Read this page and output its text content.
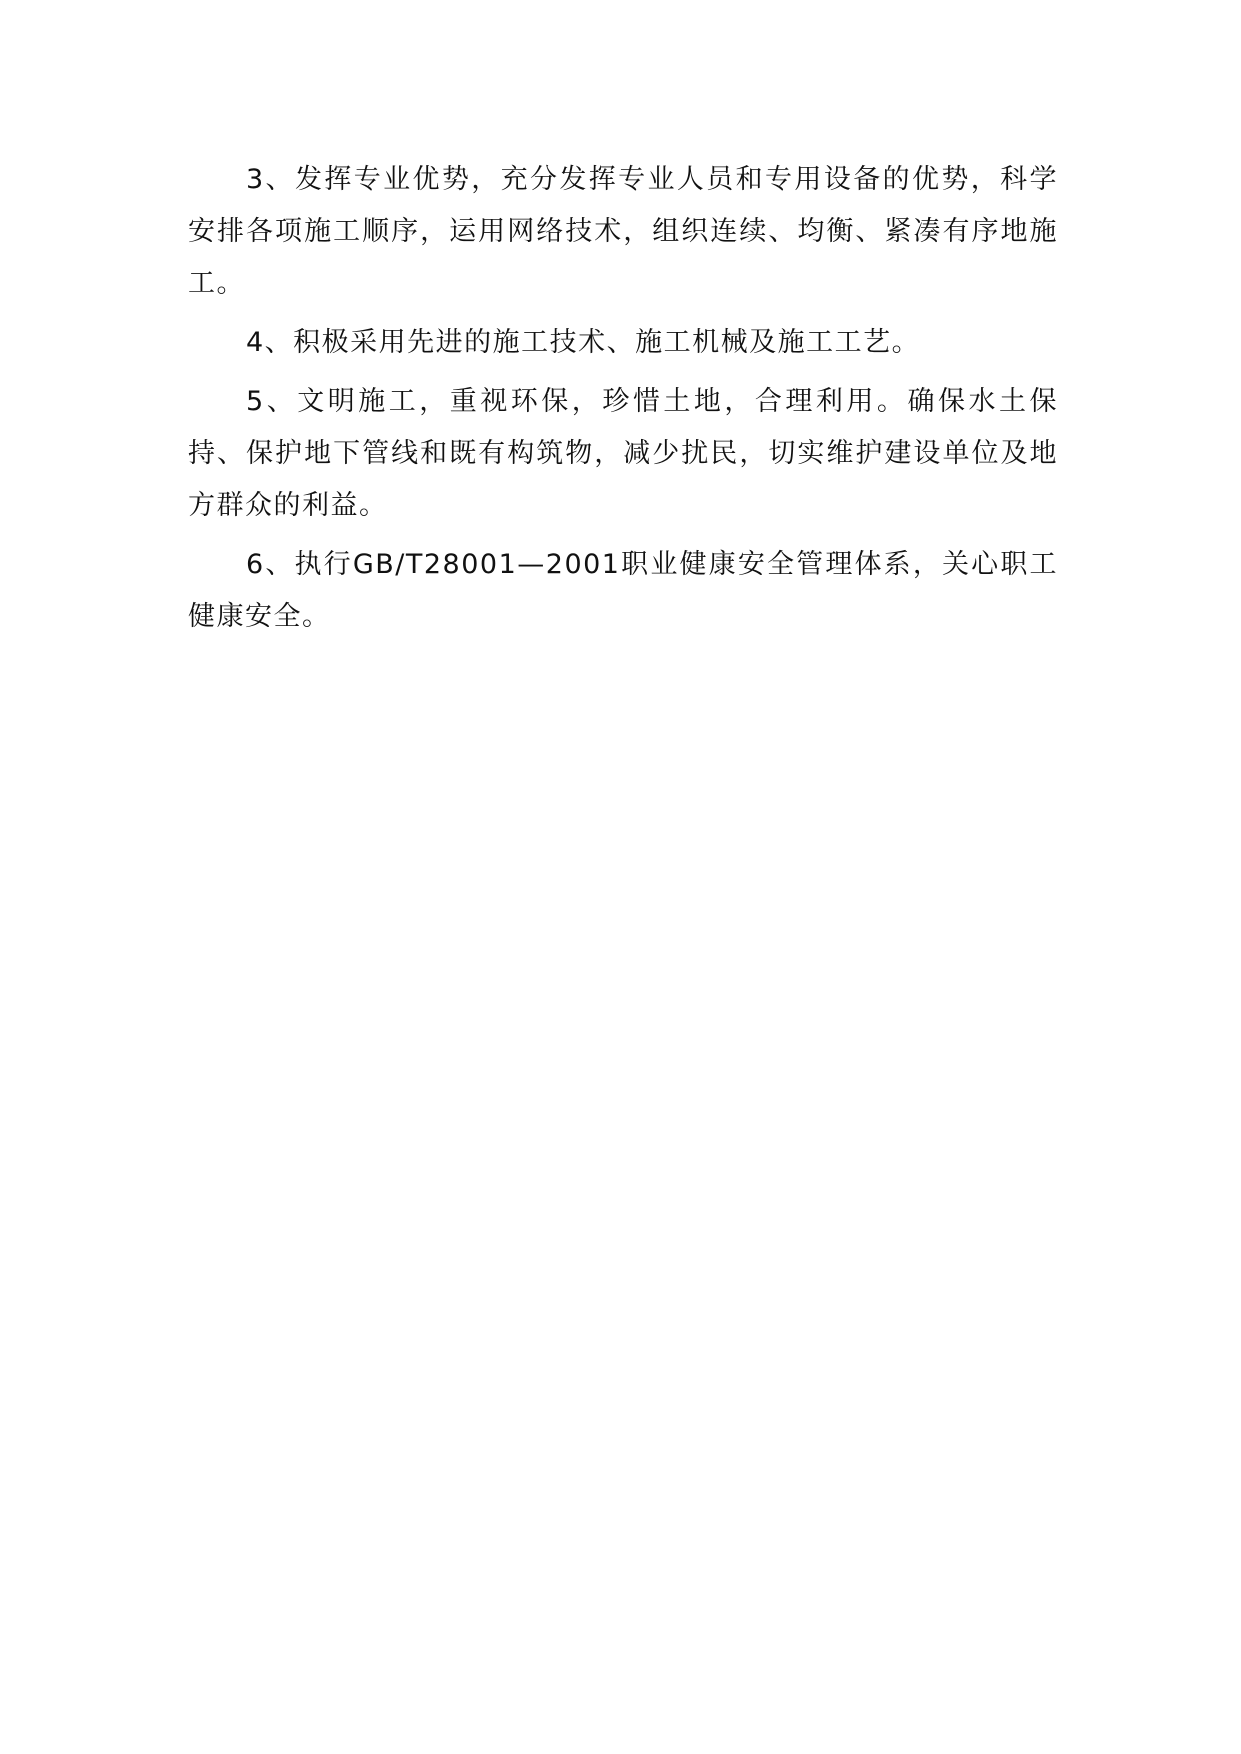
3、发挥专业优势，充分发挥专业人员和专用设备的优势，科学安排各项施工顺序，运用网络技术，组织连续、均衡、紧凑有序地施工。

4、积极采用先进的施工技术、施工机械及施工工艺。

5、文明施工，重视环保，珍惜土地，合理利用。确保水土保持、保护地下管线和既有构筑物，减少扰民，切实维护建设单位及地方群众的利益。

6、执行GB/T28001—2001职业健康安全管理体系，关心职工健康安全。
